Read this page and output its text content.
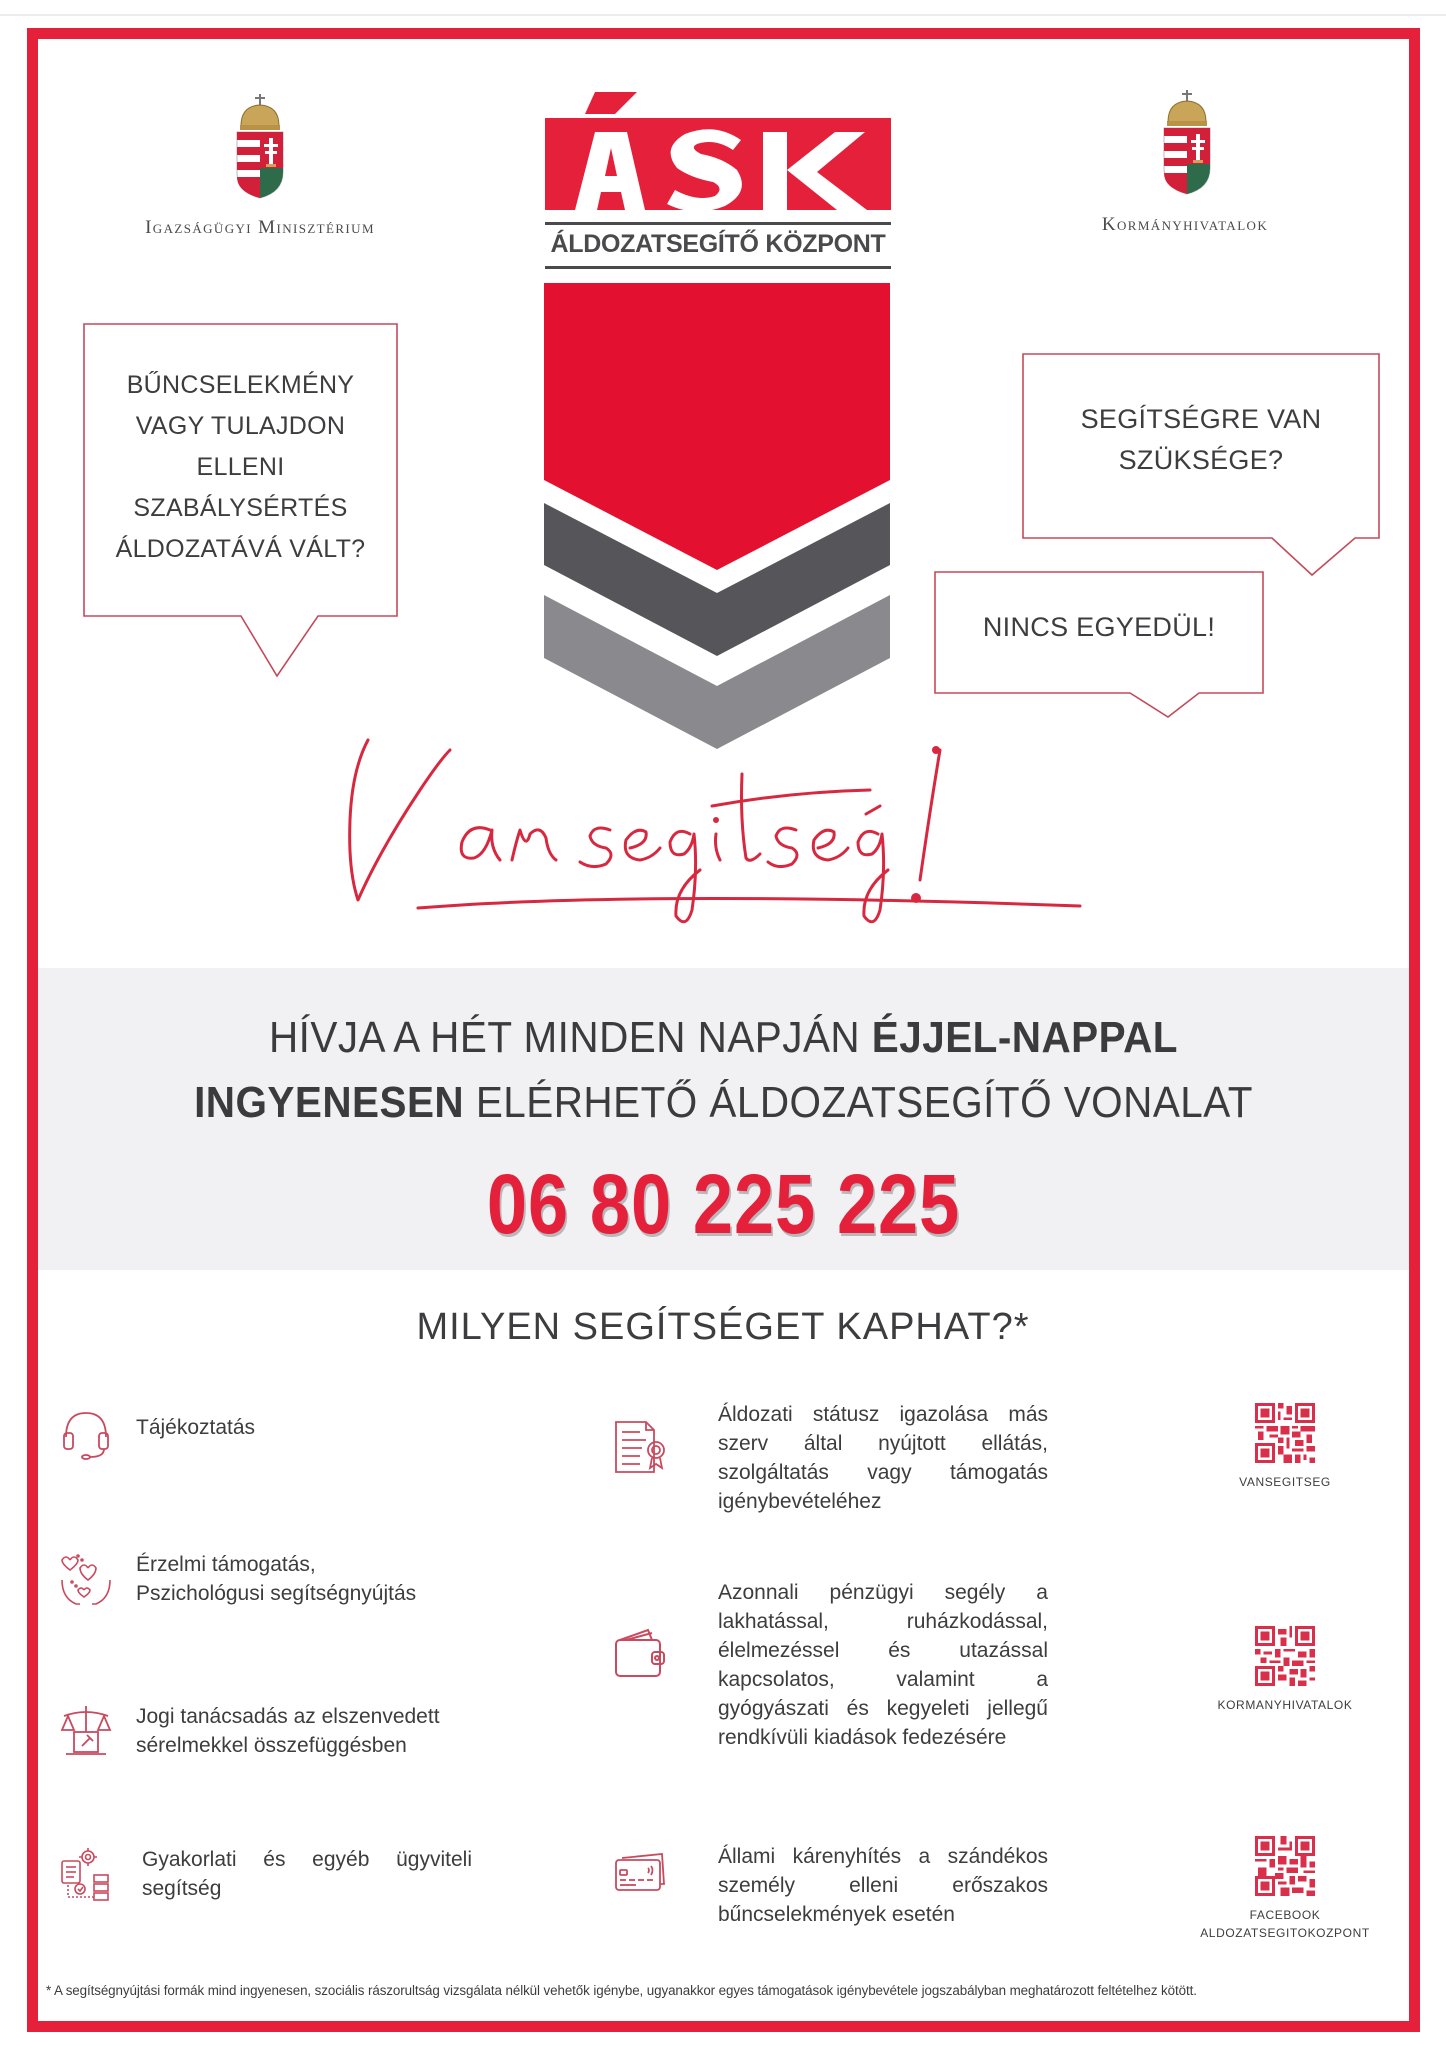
Igazságügyi Minisztérium
ÁLDOZATSEGÍTŐ KÖZPONT
Kormányhivatalok
BŰNCSELEKMÉNY
VAGY TULAJDON
ELLENI
SZABÁLYSÉRTÉS
ÁLDOZATÁVÁ VÁLT?
SEGÍTSÉGRE VAN
SZÜKSÉGE?
NINCS EGYEDÜL!
HÍVJA A HÉT MINDEN NAPJÁN ÉJJEL-NAPPAL
INGYENESEN ELÉRHETŐ ÁLDOZATSEGÍTŐ VONALAT
06 80 225 225
MILYEN SEGÍTSÉGET KAPHAT?*
Tájékoztatás
Érzelmi támogatás,
Pszichológusi segítségnyújtás
Jogi tanácsadás az elszenvedett
sérelmekkel összefüggésben
Gyakorlati és egyéb ügyviteli segítség
Áldozati státusz igazolása más szerv által nyújtott ellátás, szolgáltatás vagy támogatás igénybevételéhez
Azonnali pénzügyi segély a lakhatással, ruházkodással, élelmezéssel és utazással kapcsolatos, valamint a gyógyászati és kegyeleti jellegű rendkívüli kiadások fedezésére
Állami kárenyhítés a szándékos személy elleni erőszakos bűncselekmények esetén
VANSEGITSEG
KORMANYHIVATALOK
FACEBOOK
ALDOZATSEGITOKOZPONT
* A segítségnyújtási formák mind ingyenesen, szociális rászorultság vizsgálata nélkül vehetők igénybe, ugyanakkor egyes támogatások igénybevétele jogszabályban meghatározott feltételhez kötött.
